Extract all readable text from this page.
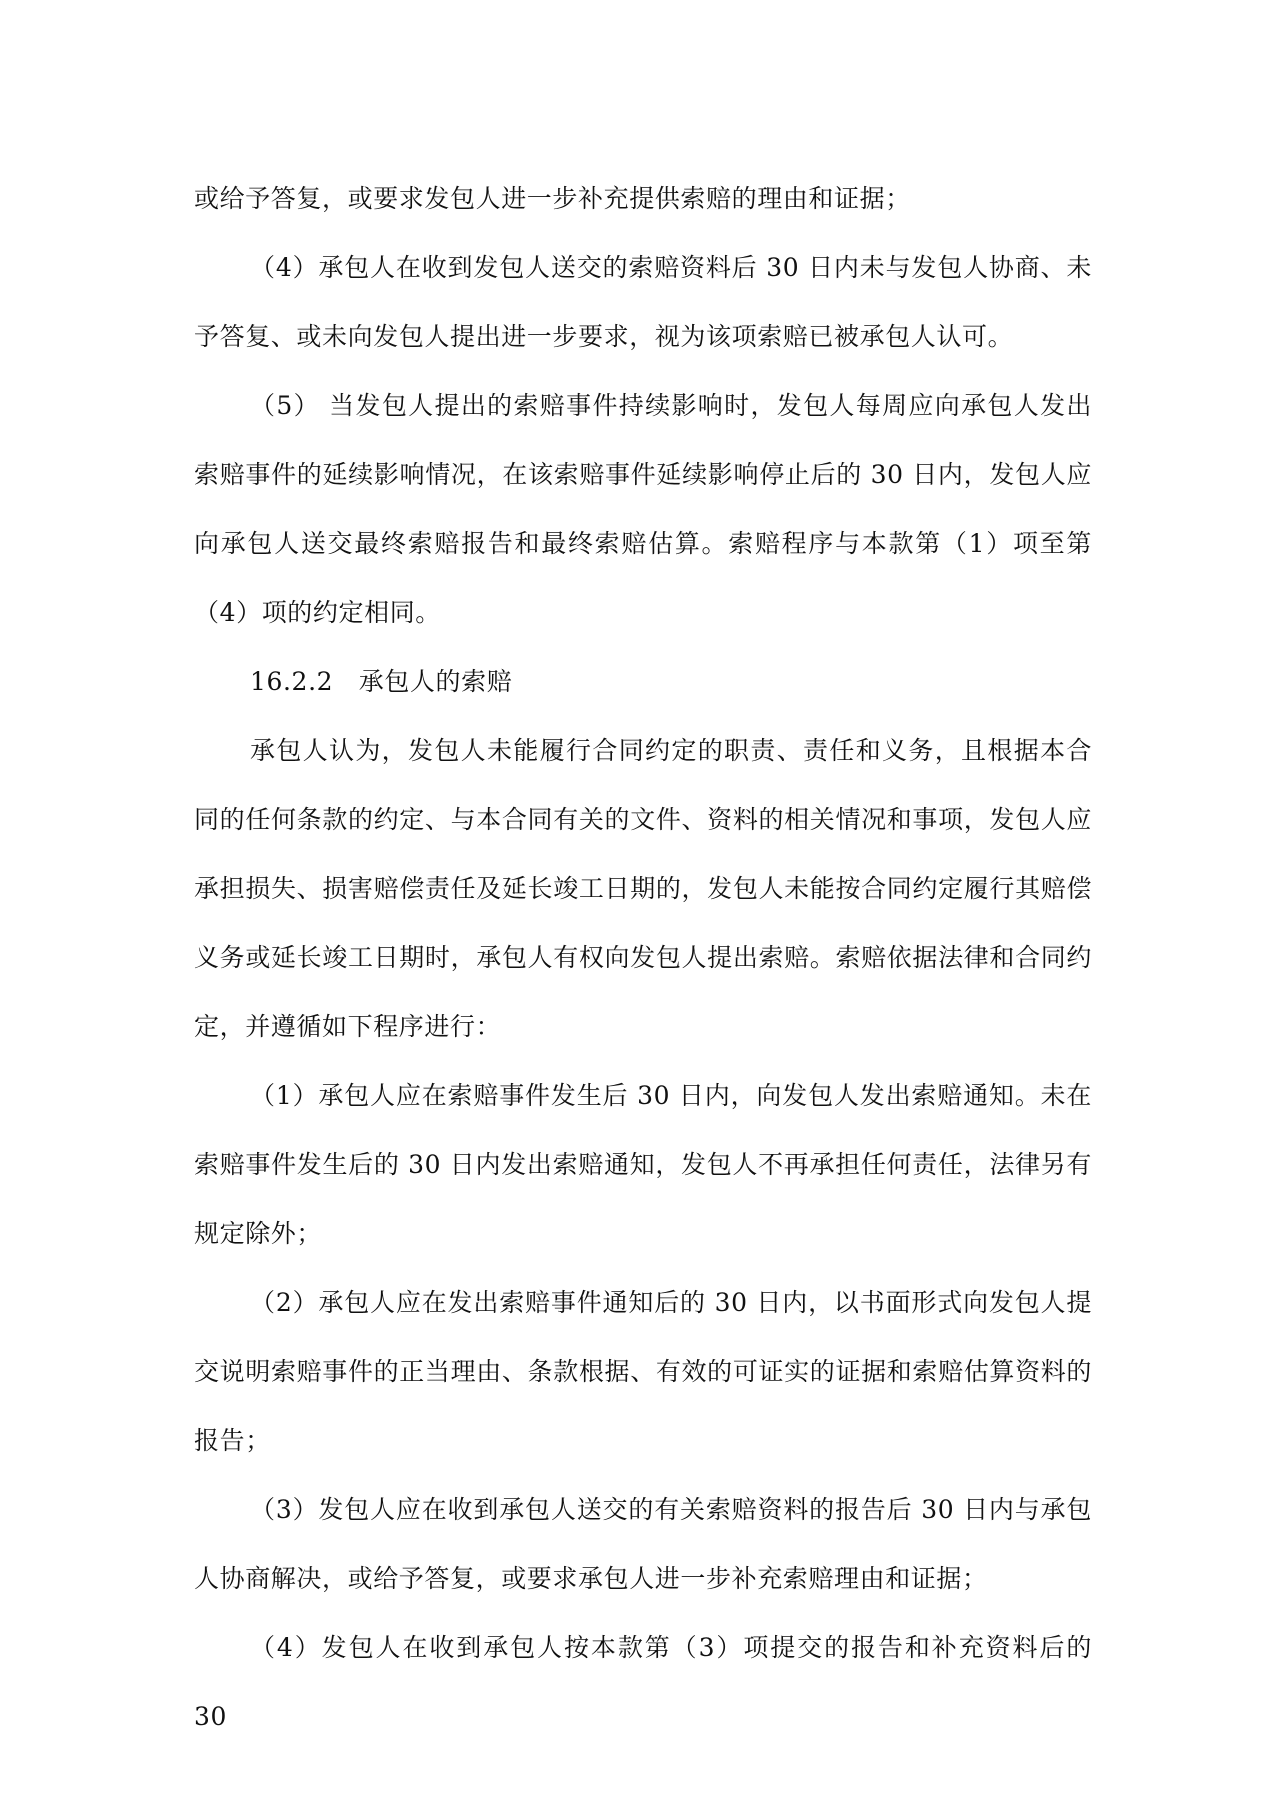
或给予答复，或要求发包人进一步补充提供索赔的理由和证据；

（4）承包人在收到发包人送交的索赔资料后 30 日内未与发包人协商、未予答复、或未向发包人提出进一步要求，视为该项索赔已被承包人认可。

（5） 当发包人提出的索赔事件持续影响时，发包人每周应向承包人发出索赔事件的延续影响情况，在该索赔事件延续影响停止后的 30 日内，发包人应向承包人送交最终索赔报告和最终索赔估算。索赔程序与本款第（1）项至第（4）项的约定相同。

16.2.2　承包人的索赔

承包人认为，发包人未能履行合同约定的职责、责任和义务，且根据本合同的任何条款的约定、与本合同有关的文件、资料的相关情况和事项，发包人应承担损失、损害赔偿责任及延长竣工日期的，发包人未能按合同约定履行其赔偿义务或延长竣工日期时，承包人有权向发包人提出索赔。索赔依据法律和合同约定，并遵循如下程序进行：

（1）承包人应在索赔事件发生后 30 日内，向发包人发出索赔通知。未在索赔事件发生后的 30 日内发出索赔通知，发包人不再承担任何责任，法律另有规定除外；

（2）承包人应在发出索赔事件通知后的 30 日内，以书面形式向发包人提交说明索赔事件的正当理由、条款根据、有效的可证实的证据和索赔估算资料的报告；

（3）发包人应在收到承包人送交的有关索赔资料的报告后 30 日内与承包人协商解决，或给予答复，或要求承包人进一步补充索赔理由和证据；

（4）发包人在收到承包人按本款第（3）项提交的报告和补充资料后的 30
